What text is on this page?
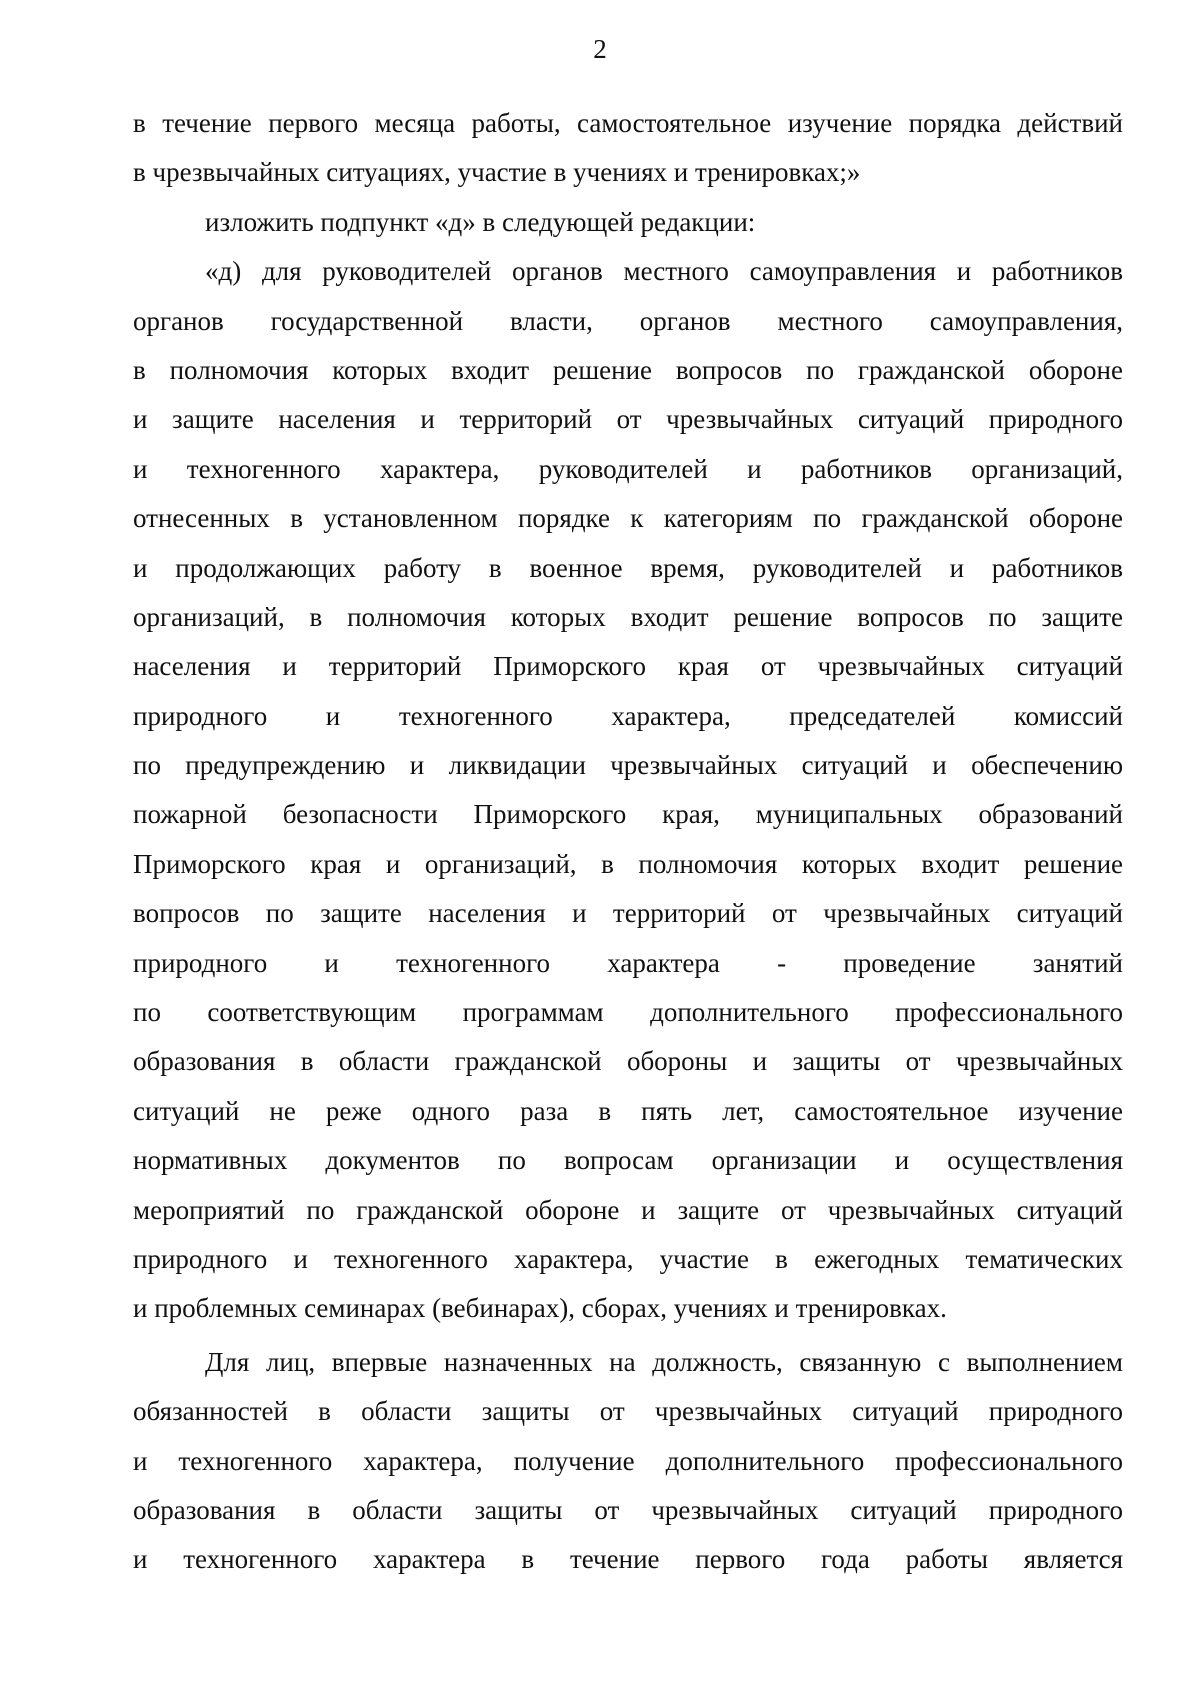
2
в течение первого месяца работы, самостоятельное изучение порядка действий
в чрезвычайных ситуациях, участие в учениях и тренировках;»
изложить подпункт «д» в следующей редакции:
«д) для руководителей органов местного самоуправления и работников
органов государственной власти, органов местного самоуправления,
в полномочия которых входит решение вопросов по гражданской обороне
и защите населения и территорий от чрезвычайных ситуаций природного
и техногенного характера, руководителей и работников организаций,
отнесенных в установленном порядке к категориям по гражданской обороне
и продолжающих работу в военное время, руководителей и работников
организаций, в полномочия которых входит решение вопросов по защите
населения и территорий Приморского края от чрезвычайных ситуаций
природного и техногенного характера, председателей комиссий
по предупреждению и ликвидации чрезвычайных ситуаций и обеспечению
пожарной безопасности Приморского края, муниципальных образований
Приморского края и организаций, в полномочия которых входит решение
вопросов по защите населения и территорий от чрезвычайных ситуаций
природного и техногенного характера - проведение занятий
по соответствующим программам дополнительного профессионального
образования в области гражданской обороны и защиты от чрезвычайных
ситуаций не реже одного раза в пять лет, самостоятельное изучение
нормативных документов по вопросам организации и осуществления
мероприятий по гражданской обороне и защите от чрезвычайных ситуаций
природного и техногенного характера, участие в ежегодных тематических
и проблемных семинарах (вебинарах), сборах, учениях и тренировках.
Для лиц, впервые назначенных на должность, связанную с выполнением
обязанностей в области защиты от чрезвычайных ситуаций природного
и техногенного характера, получение дополнительного профессионального
образования в области защиты от чрезвычайных ситуаций природного
и техногенного характера в течение первого года работы является
